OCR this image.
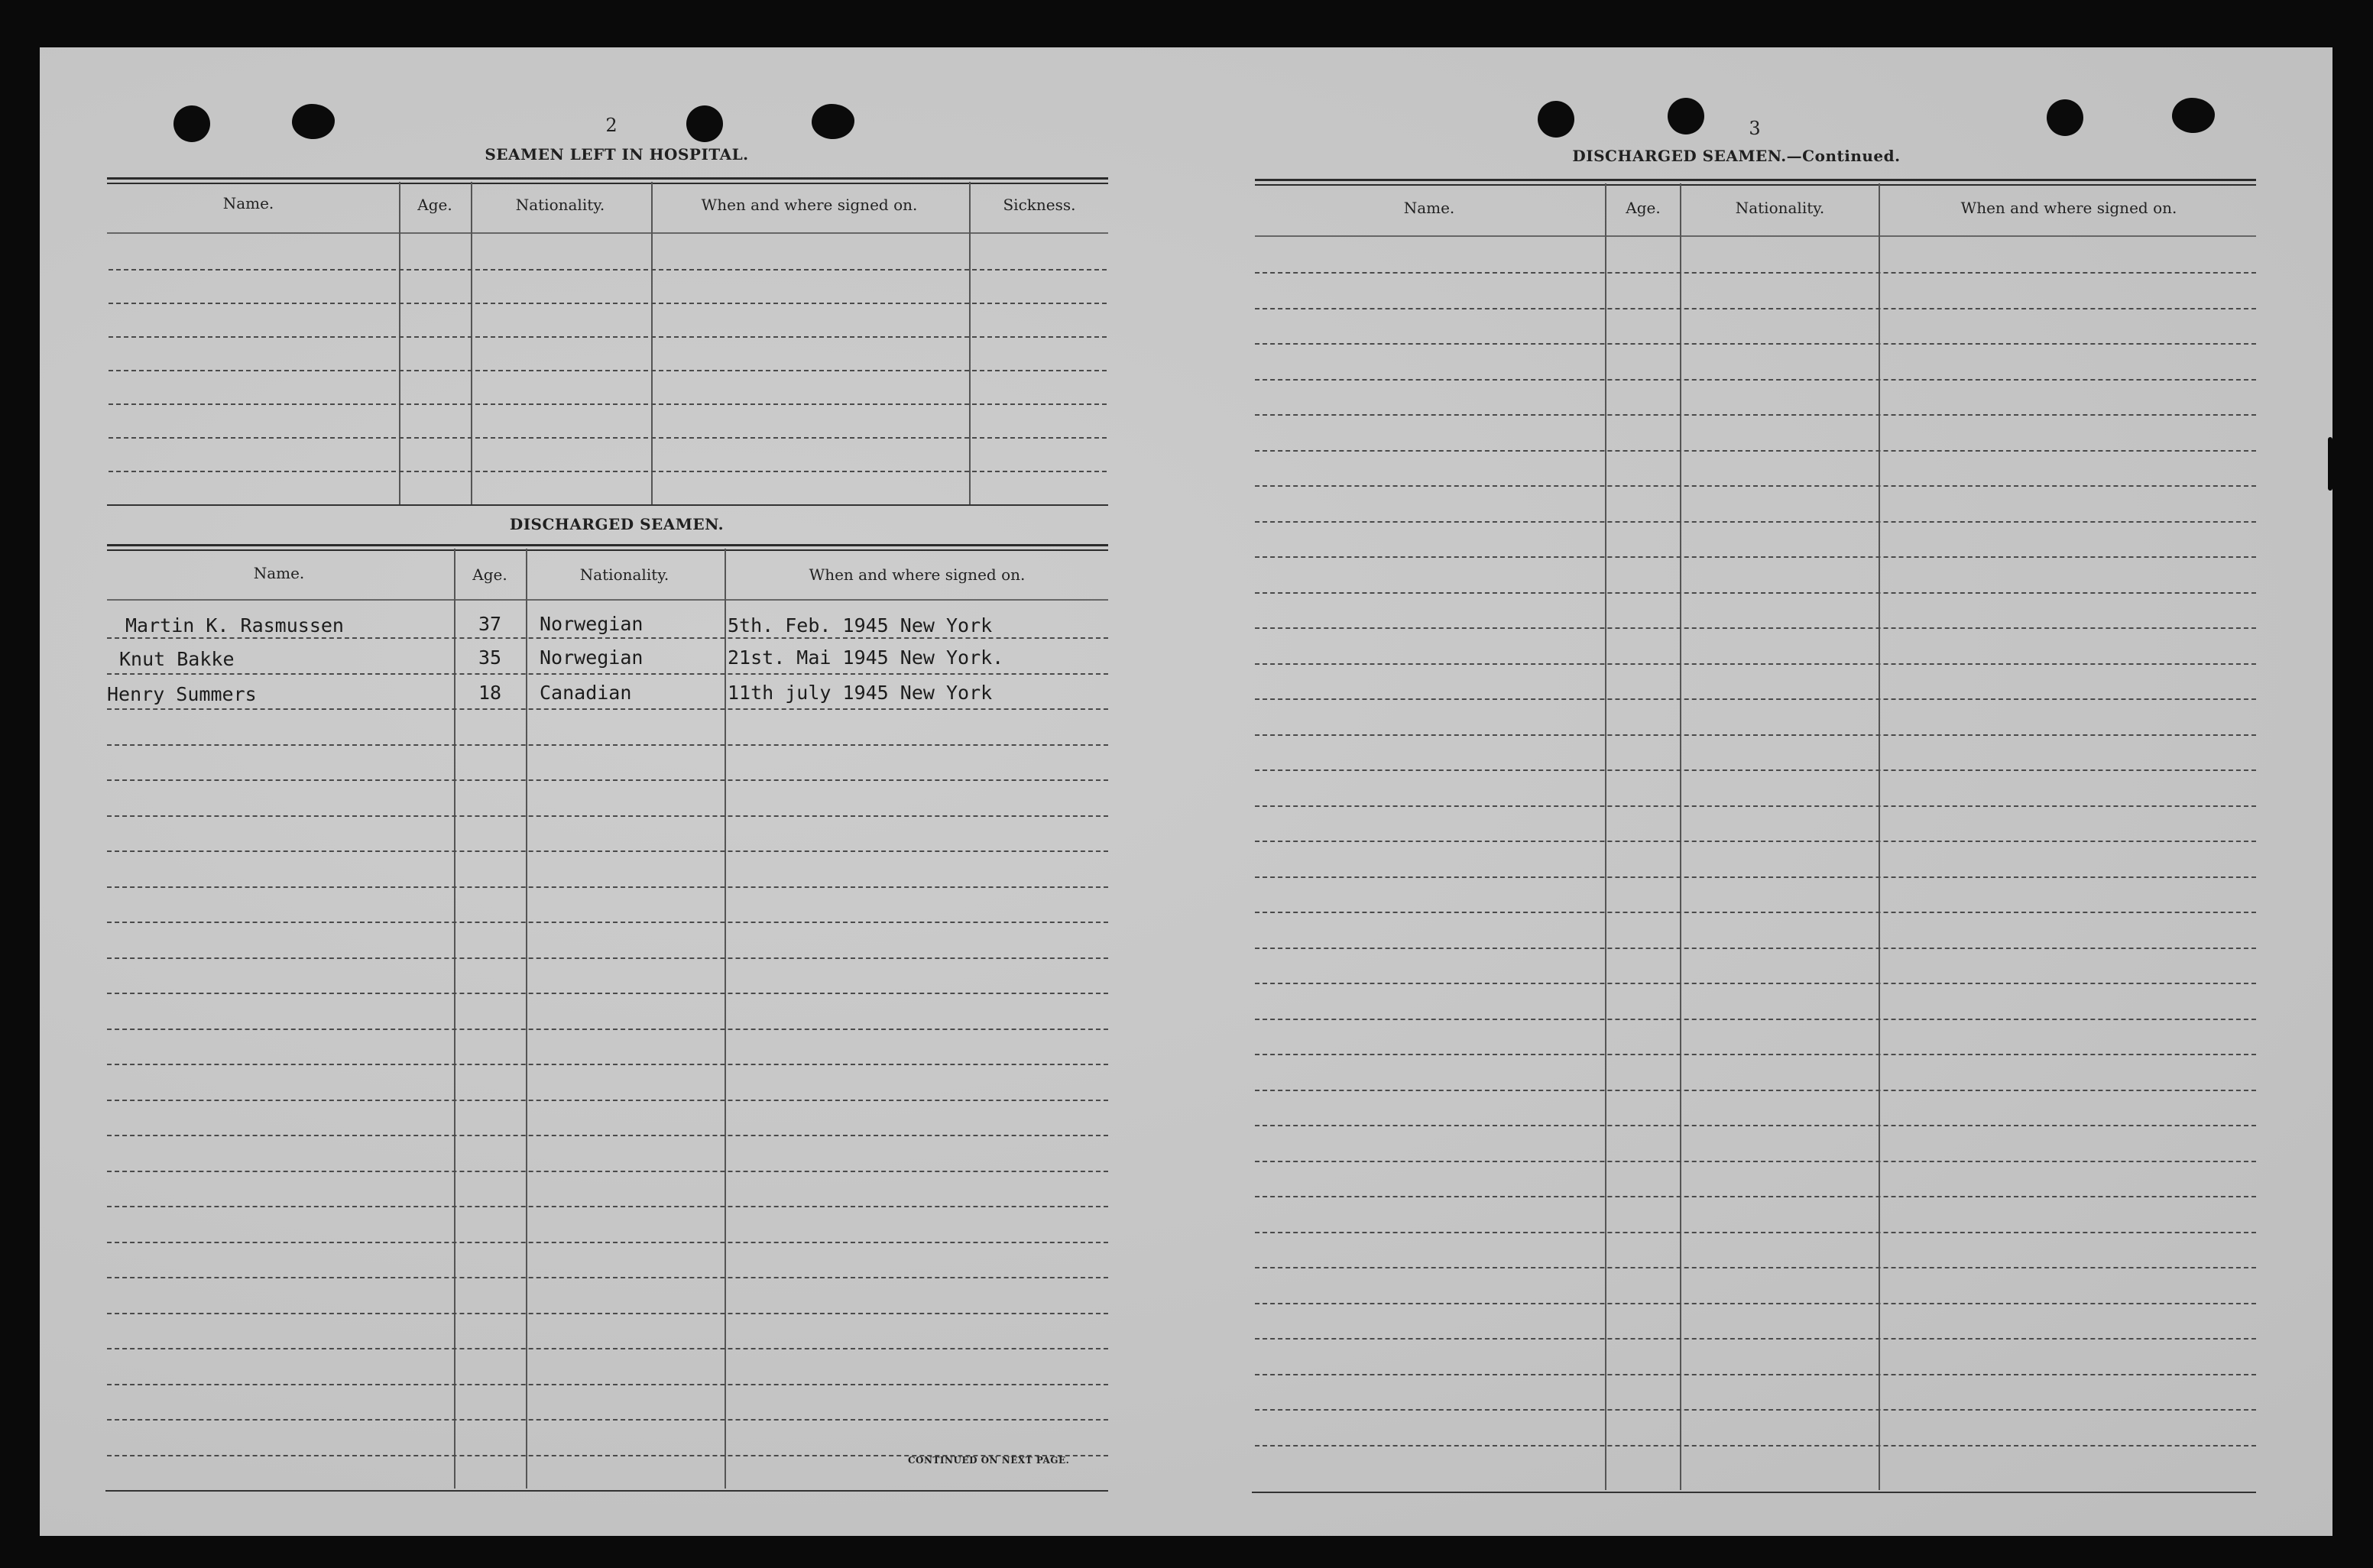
2
SEAMEN LEFT IN HOSPITAL.
Name.	Age.	Nationality.	When and where signed on.	Sickness.
DISCHARGED SEAMEN.
Name.	Age.	Nationality.	When and where signed on.
Martin K. Rasmussen	37 Norwegian	5th. Feb. 1945 New York
Knut Bakke	35 Norwegian	21st. Mai 1945 New York.
Henry Summers	18 Canadian	11th july 1945 New York
CONTINUED ON NEXT PAGE.
3
DISCHARGED SEAMEN.—Continued.
Name.	Age.	Nationality.	When and where signed on.
